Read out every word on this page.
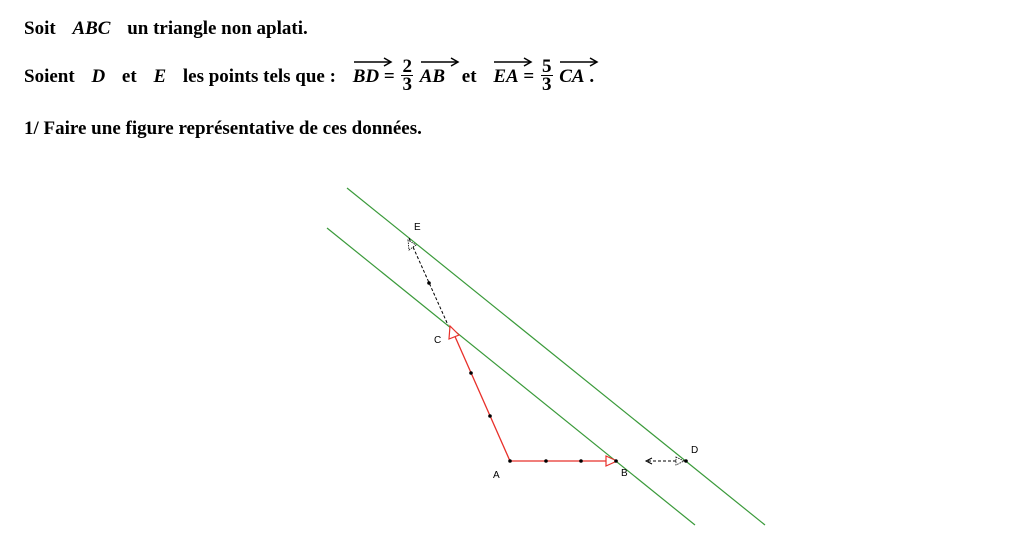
Soit ABC un triangle non aplati.
Soient D et E les points tels que : BD = $\frac{2}{3}$
AB et EA = $\frac{5}{3}$
CA .
1/ Faire une figure représentative de ces données.
E
C
A	B
D
